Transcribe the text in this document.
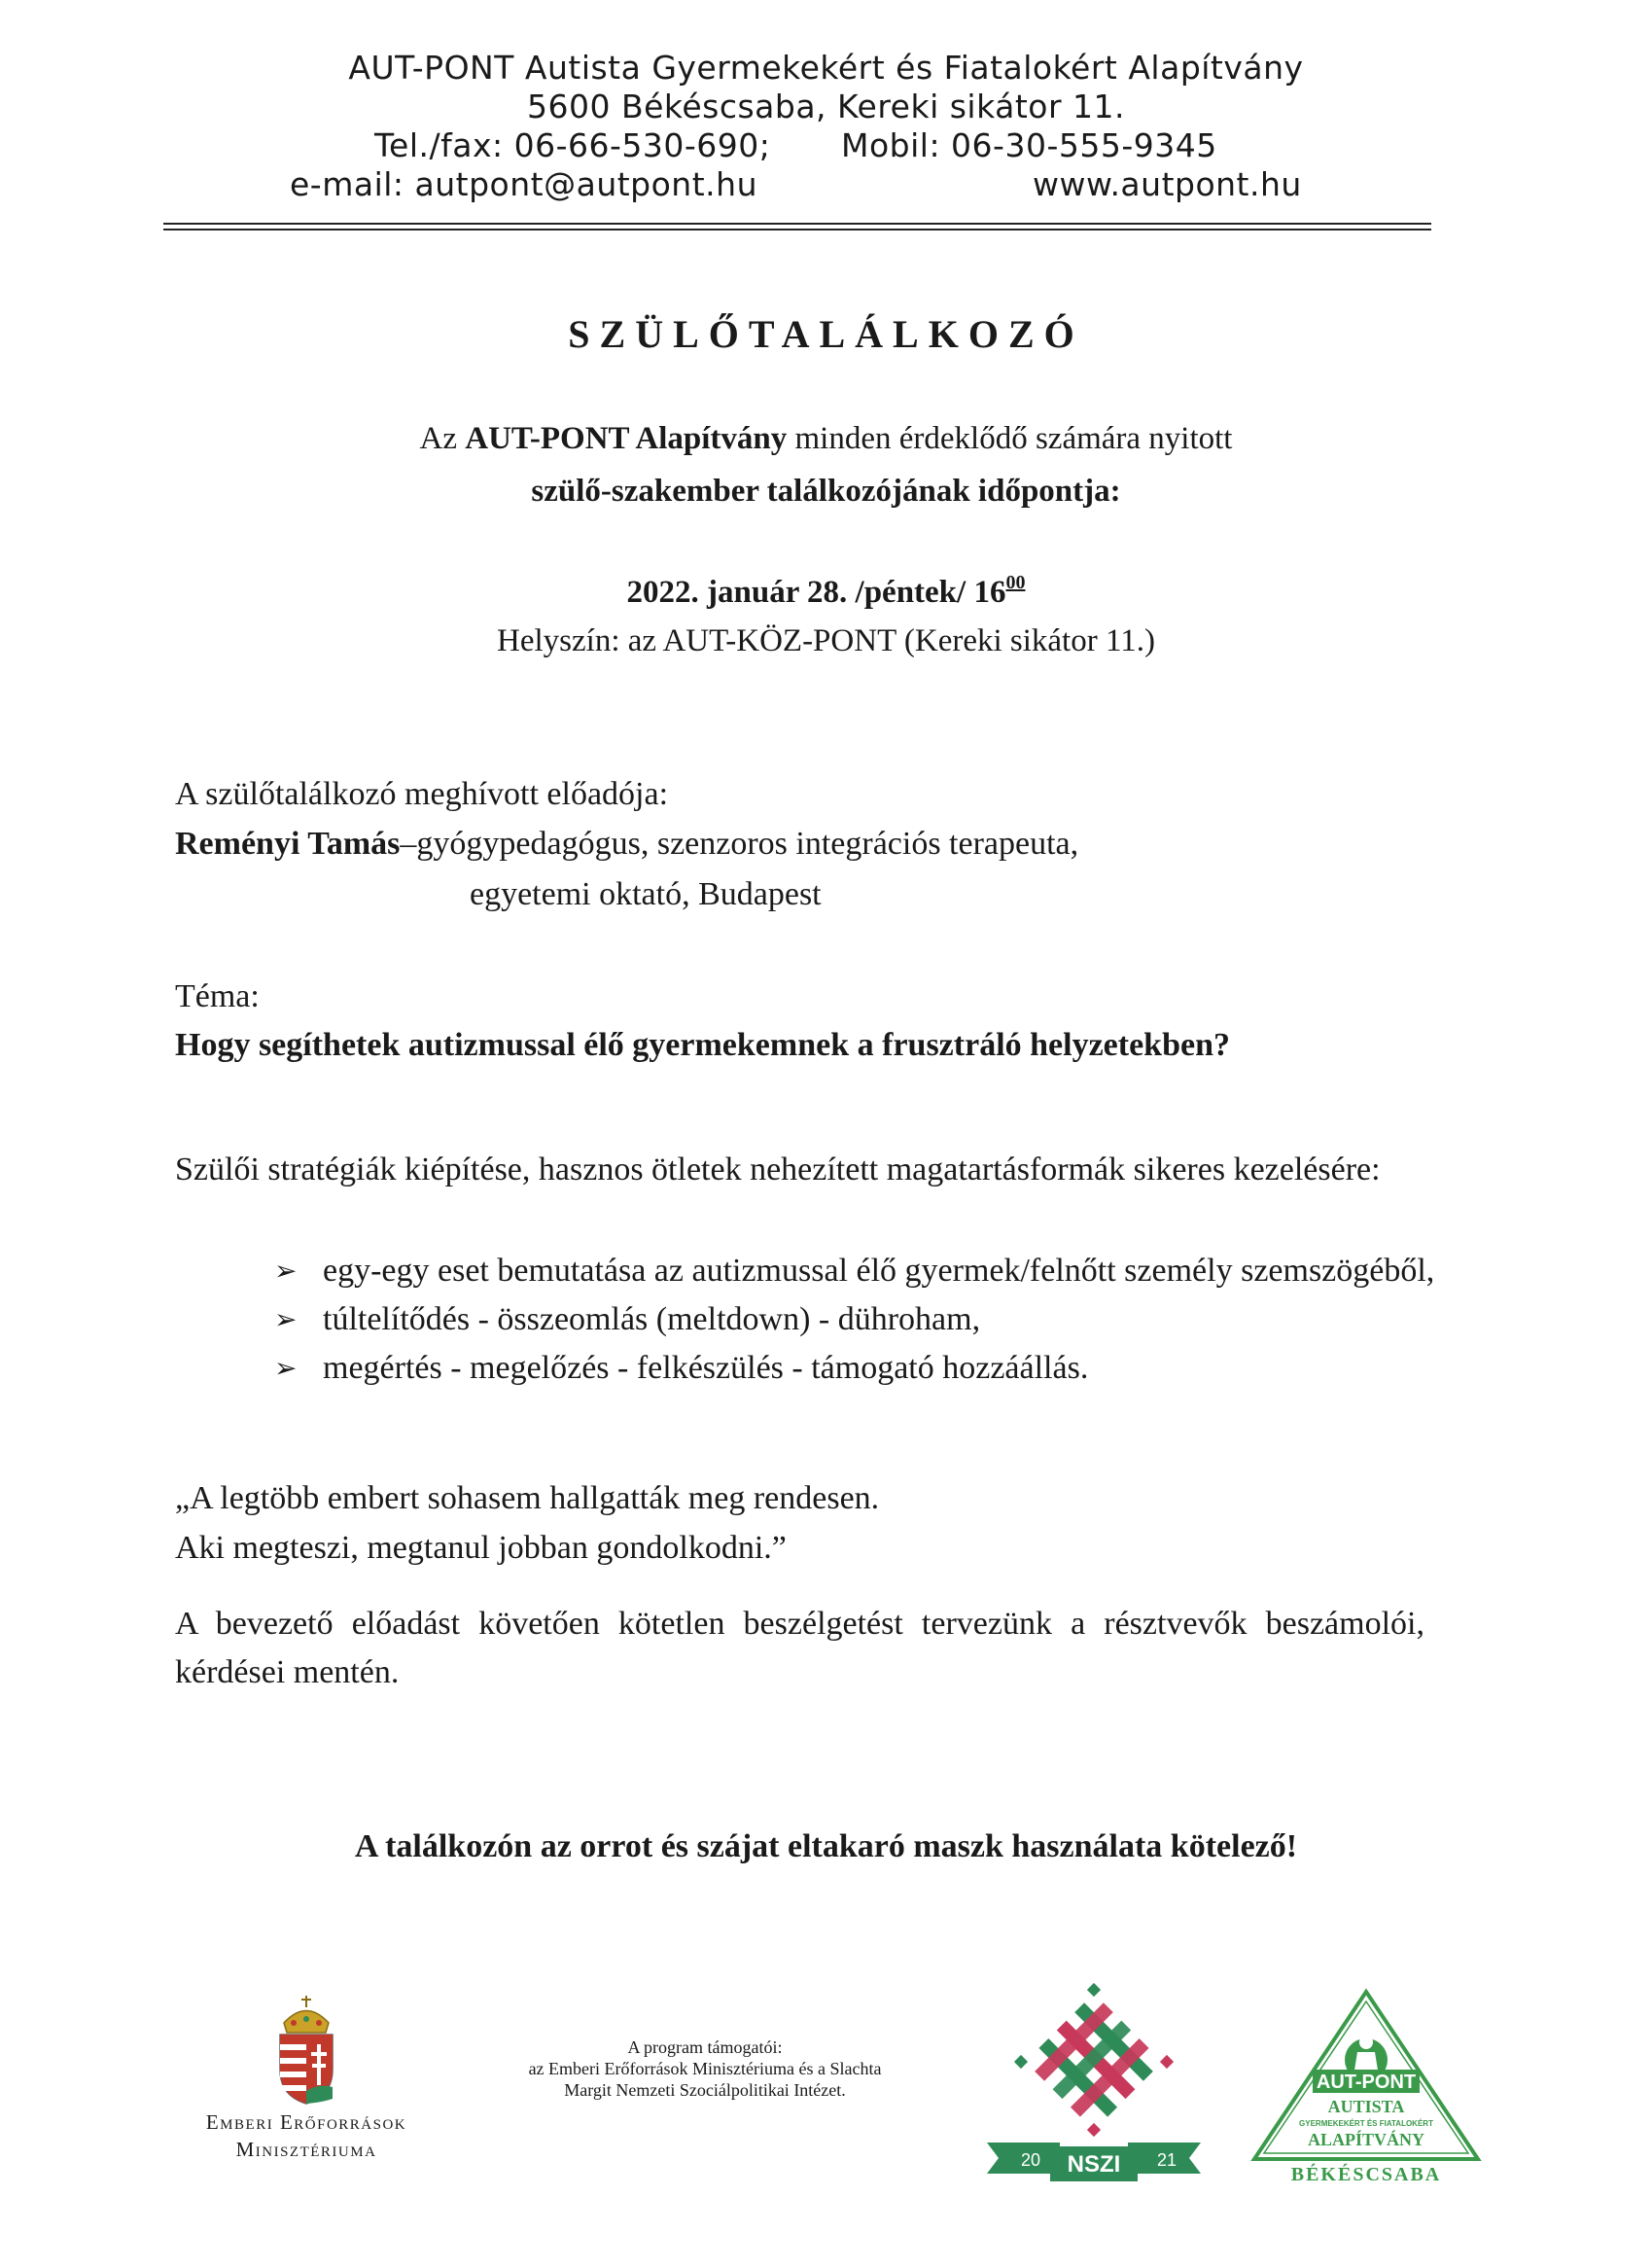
AUT-PONT Autista Gyermekekért és Fiatalokért Alapítvány
5600 Békéscsaba, Kereki sikátor 11.
Tel./fax: 06-66-530-690; Mobil: 06-30-555-9345
e-mail: autpont@autpont.hu	www.autpont.hu
SZÜLŐTALÁLKOZÓ
Az AUT-PONT Alapítvány minden érdeklődő számára nyitott
szülő-szakember találkozójának időpontja:
2022. január 28. /péntek/ $16^{00}$
Helyszín: az AUT-KÖZ-PONT (Kereki sikátor 11.)
A szülőtalálkozó meghívott előadója:
Reményi Tamás–gyógypedagógus, szenzoros integrációs terapeuta,
egyetemi oktató, Budapest
Téma:
Hogy segíthetek autizmussal élő gyermekemnek a frusztráló helyzetekben?
Szülői stratégiák kiépítése, hasznos ötletek nehezített magatartásformák sikeres kezelésére:
➢ egy-egy eset bemutatása az autizmussal élő gyermek/felnőtt személy szemszögéből,
➢ túltelítődés - összeomlás (meltdown) - dühroham,
➢ megértés - megelőzés - felkészülés - támogató hozzáállás.
„A legtöbb embert sohasem hallgatták meg rendesen.
Aki megteszi, megtanul jobban gondolkodni.”
A bevezető előadást követően kötetlen beszélgetést tervezünk a résztvevők beszámolói, kérdései mentén.
A találkozón az orrot és szájat eltakaró maszk használata kötelező!
Emberi Erőforrások
Minisztériuma
A program támogatói:
az Emberi Erőforrások Minisztériuma és a Slachta
Margit Nemzeti Szociálpolitikai Intézet.
20	21
NSZI
AUT-PONT
AUTISTA
GYERMEKEKÉRT ÉS FIATALOKÉRT
ALAPÍTVÁNY
BÉKÉSCSABA
